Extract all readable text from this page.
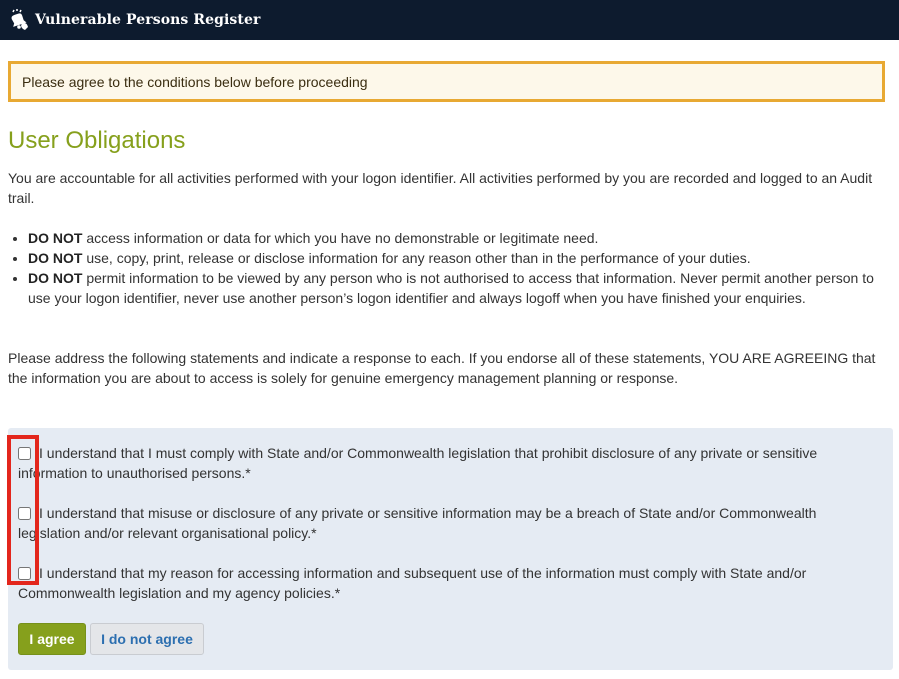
Vulnerable Persons Register
Please agree to the conditions below before proceeding
User Obligations

You are accountable for all activities performed with your logon identifier. All activities performed by you are recorded and logged to an Audit trail.

• DO NOT access information or data for which you have no demonstrable or legitimate need.
• DO NOT use, copy, print, release or disclose information for any reason other than in the performance of your duties.
• DO NOT permit information to be viewed by any person who is not authorised to access that information. Never permit another person to use your logon identifier, never use another person’s logon identifier and always logoff when you have finished your enquiries.

Please address the following statements and indicate a response to each. If you endorse all of these statements, YOU ARE AGREEING that the information you are about to access is solely for genuine emergency management planning or response.

I understand that I must comply with State and/or Commonwealth legislation that prohibit disclosure of any private or sensitive information to unauthorised persons.*
I understand that misuse or disclosure of any private or sensitive information may be a breach of State and/or Commonwealth legislation and/or relevant organisational policy.*
I understand that my reason for accessing information and subsequent use of the information must comply with State and/or Commonwealth legislation and my agency policies.*
I agree	I do not agree
